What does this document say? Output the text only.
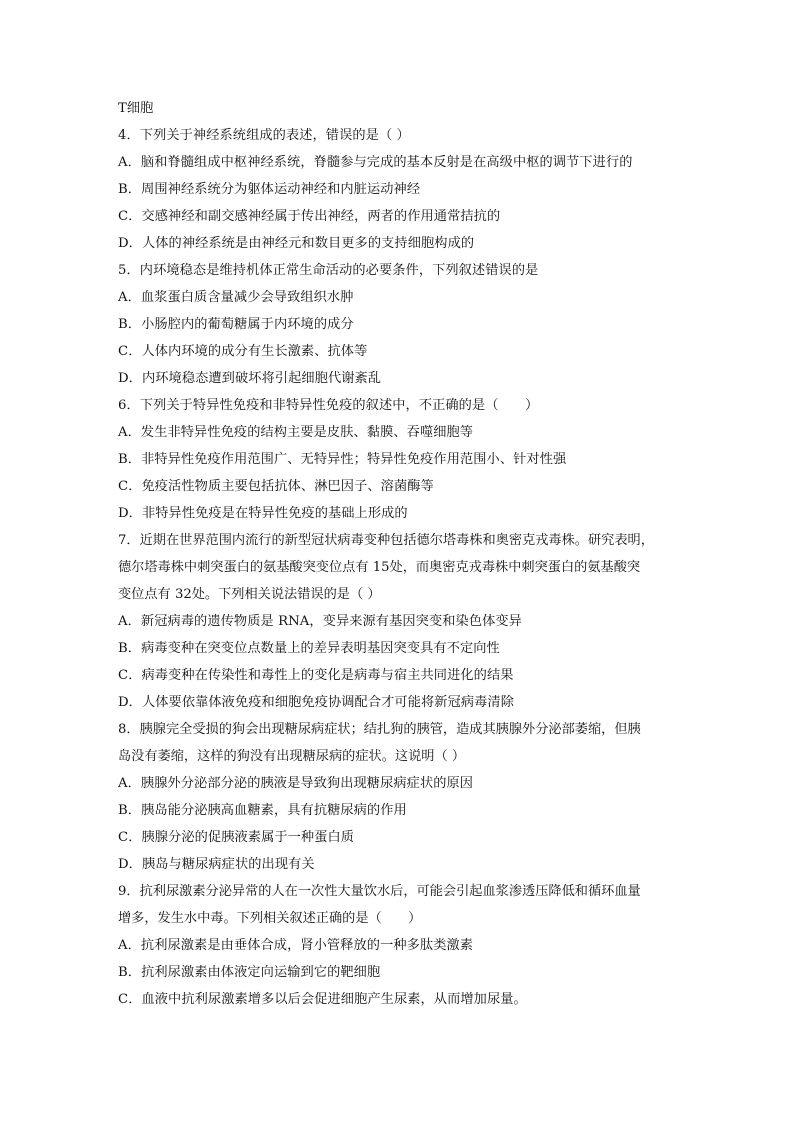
T细胞
4．下列关于神经系统组成的表述，错误的是（ ）
A．脑和脊髓组成中枢神经系统，脊髓参与完成的基本反射是在高级中枢的调节下进行的
B．周围神经系统分为躯体运动神经和内脏运动神经
C．交感神经和副交感神经属于传出神经，两者的作用通常拮抗的
D．人体的神经系统是由神经元和数目更多的支持细胞构成的
5．内环境稳态是维持机体正常生命活动的必要条件，下列叙述错误的是
A．血浆蛋白质含量减少会导致组织水肿
B．小肠腔内的葡萄糖属于内环境的成分
C．人体内环境的成分有生长激素、抗体等
D．内环境稳态遭到破坏将引起细胞代谢紊乱
6．下列关于特异性免疫和非特异性免疫的叙述中，不正确的是（　　）
A．发生非特异性免疫的结构主要是皮肤、黏膜、吞噬细胞等
B．非特异性免疫作用范围广、无特异性；特异性免疫作用范围小、针对性强
C．免疫活性物质主要包括抗体、淋巴因子、溶菌酶等
D．非特异性免疫是在特异性免疫的基础上形成的
7．近期在世界范围内流行的新型冠状病毒变种包括德尔塔毒株和奥密克戎毒株。研究表明，
德尔塔毒株中刺突蛋白的氨基酸突变位点有 15处，而奥密克戎毒株中刺突蛋白的氨基酸突
变位点有 32处。下列相关说法错误的是（ ）
A．新冠病毒的遗传物质是 RNA，变异来源有基因突变和染色体变异
B．病毒变种在突变位点数量上的差异表明基因突变具有不定向性
C．病毒变种在传染性和毒性上的变化是病毒与宿主共同进化的结果
D．人体要依靠体液免疫和细胞免疫协调配合才可能将新冠病毒清除
8．胰腺完全受损的狗会出现糖尿病症状；结扎狗的胰管，造成其胰腺外分泌部萎缩，但胰
岛没有萎缩，这样的狗没有出现糖尿病的症状。这说明（ ）
A．胰腺外分泌部分泌的胰液是导致狗出现糖尿病症状的原因
B．胰岛能分泌胰高血糖素，具有抗糖尿病的作用
C．胰腺分泌的促胰液素属于一种蛋白质
D．胰岛与糖尿病症状的出现有关
9．抗利尿激素分泌异常的人在一次性大量饮水后，可能会引起血浆渗透压降低和循环血量
增多，发生水中毒。下列相关叙述正确的是（　　）
A．抗利尿激素是由垂体合成，肾小管释放的一种多肽类激素
B．抗利尿激素由体液定向运输到它的靶细胞
C．血液中抗利尿激素增多以后会促进细胞产生尿素，从而增加尿量。
